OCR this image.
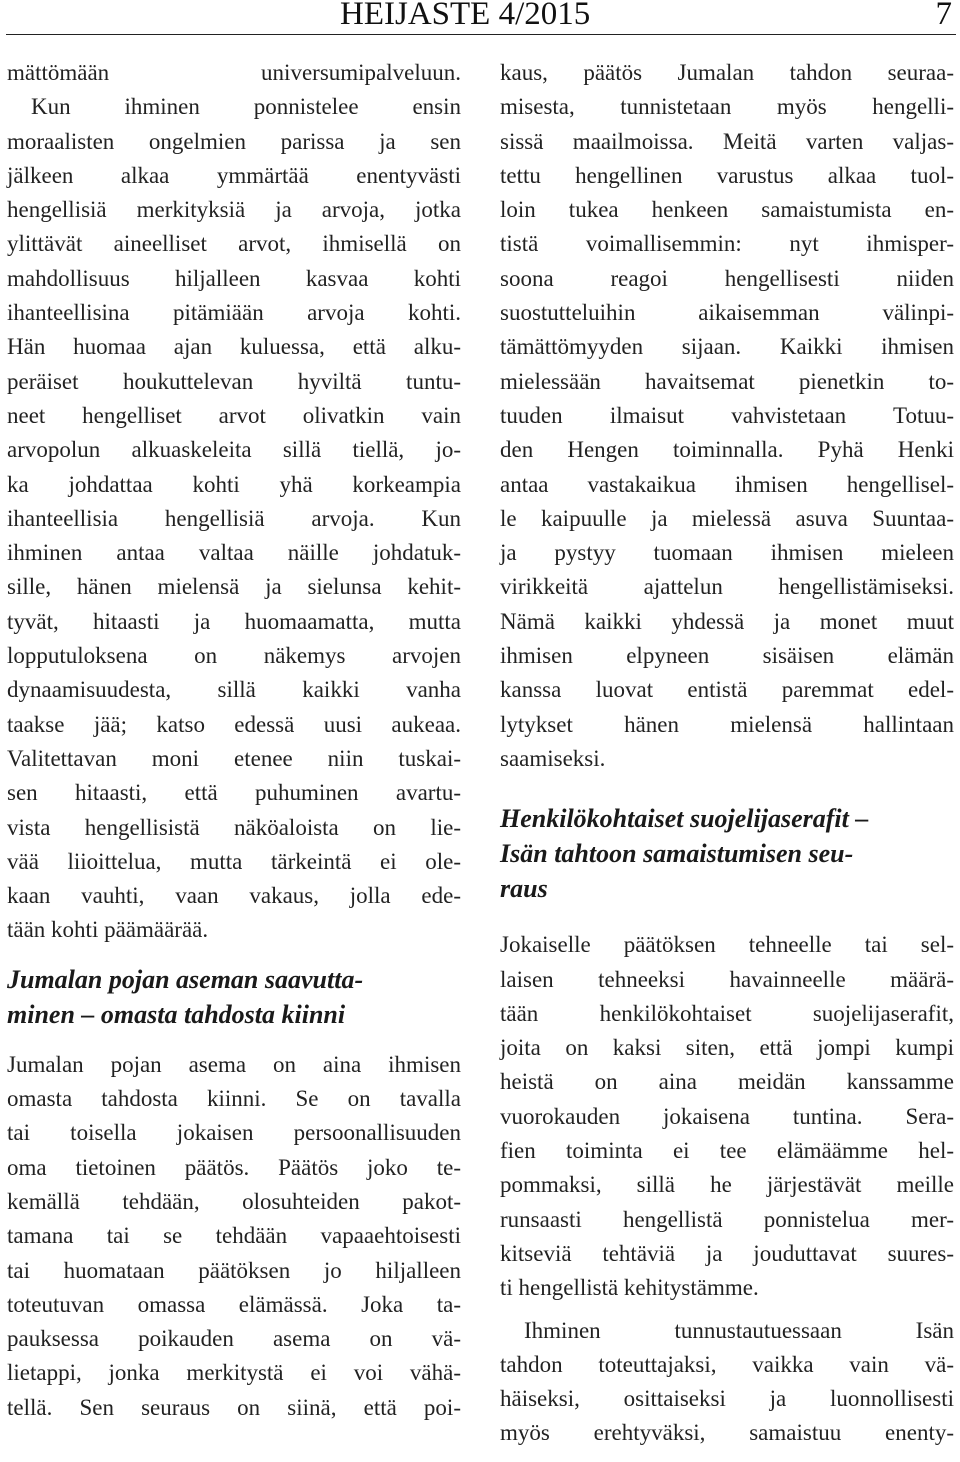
HEIJASTE 4/2015	7
mättömään universumipalveluun.
Kun ihminen ponnistelee ensin
moraalisten ongelmien parissa ja sen
jälkeen alkaa ymmärtää enentyvästi
hengellisiä merkityksiä ja arvoja, jotka
ylittävät aineelliset arvot, ihmisellä on
mahdollisuus hiljalleen kasvaa kohti
ihanteellisina pitämiään arvoja kohti.
Hän huomaa ajan kuluessa, että alku-
peräiset houkuttelevan hyviltä tuntu-
neet hengelliset arvot olivatkin vain
arvopolun alkuaskeleita sillä tiellä, jo-
ka johdattaa kohti yhä korkeampia
ihanteellisia hengellisiä arvoja. Kun
ihminen antaa valtaa näille johdatuk-
sille, hänen mielensä ja sielunsa kehit-
tyvät, hitaasti ja huomaamatta, mutta
lopputuloksena on näkemys arvojen
dynaamisuudesta, sillä kaikki vanha
taakse jää; katso edessä uusi aukeaa.
Valitettavan moni etenee niin tuskai-
sen hitaasti, että puhuminen avartu-
vista hengellisistä näköaloista on lie-
vää liioittelua, mutta tärkeintä ei ole-
kaan vauhti, vaan vakaus, jolla ede-
tään kohti päämäärää.
Jumalan pojan aseman saavutta-
minen – omasta tahdosta kiinni
Jumalan pojan asema on aina ihmisen
omasta tahdosta kiinni. Se on tavalla
tai toisella jokaisen persoonallisuuden
oma tietoinen päätös. Päätös joko te-
kemällä tehdään, olosuhteiden pakot-
tamana tai se tehdään vapaaehtoisesti
tai huomataan päätöksen jo hiljalleen
toteutuvan omassa elämässä. Joka ta-
pauksessa poikauden asema on vä-
lietappi, jonka merkitystä ei voi vähä-
tellä. Sen seuraus on siinä, että poi-
kaus, päätös Jumalan tahdon seuraa-
misesta, tunnistetaan myös hengelli-
sissä maailmoissa. Meitä varten valjas-
tettu hengellinen varustus alkaa tuol-
loin tukea henkeen samaistumista en-
tistä voimallisemmin: nyt ihmisper-
soona reagoi hengellisesti niiden
suostutteluihin aikaisemman välinpi-
tämättömyyden sijaan. Kaikki ihmisen
mielessään havaitsemat pienetkin to-
tuuden ilmaisut vahvistetaan Totuu-
den Hengen toiminnalla. Pyhä Henki
antaa vastakaikua ihmisen hengellisel-
le kaipuulle ja mielessä asuva Suuntaa-
ja pystyy tuomaan ihmisen mieleen
virikkeitä ajattelun hengellistämiseksi.
Nämä kaikki yhdessä ja monet muut
ihmisen elpyneen sisäisen elämän
kanssa luovat entistä paremmat edel-
lytykset hänen mielensä hallintaan
saamiseksi.
Henkilökohtaiset suojelijaserafit –
Isän tahtoon samaistumisen seu-
raus
Jokaiselle päätöksen tehneelle tai sel-
laisen tehneeksi havainneelle määrä-
tään henkilökohtaiset suojelijaserafit,
joita on kaksi siten, että jompi kumpi
heistä on aina meidän kanssamme
vuorokauden jokaisena tuntina. Sera-
fien toiminta ei tee elämäämme hel-
pommaksi, sillä he järjestävät meille
runsaasti hengellistä ponnistelua mer-
kitseviä tehtäviä ja jouduttavat suures-
ti hengellistä kehitystämme.
Ihminen tunnustautuessaan Isän
tahdon toteuttajaksi, vaikka vain vä-
häiseksi, osittaiseksi ja luonnollisesti
myös erehtyväksi, samaistuu enenty-
